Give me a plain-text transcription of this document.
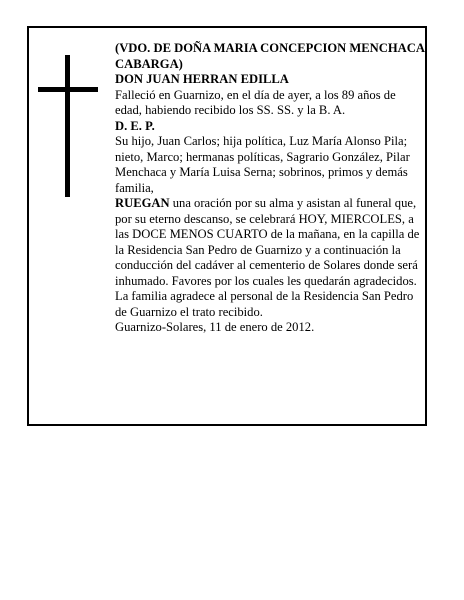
(VDO. DE DOÑA MARIA CONCEPCION MENCHACA CABARGA)

DON JUAN HERRAN EDILLA

Falleció en Guarnizo, en el día de ayer, a los 89 años de edad, habiendo recibido los SS. SS. y la B. A.

D. E. P.

Su hijo, Juan Carlos; hija política, Luz María Alonso Pila; nieto, Marco; hermanas políticas, Sagrario González, Pilar Menchaca y María Luisa Serna; sobrinos, primos y demás familia,

RUEGAN una oración por su alma y asistan al funeral que, por su eterno descanso, se celebrará HOY, MIERCOLES, a las DOCE MENOS CUARTO de la mañana, en la capilla de la Residencia San Pedro de Guarnizo y a continuación la conducción del cadáver al cementerio de Solares donde será inhumado. Favores por los cuales les quedarán agradecidos. La familia agradece al personal de la Residencia San Pedro de Guarnizo el trato recibido.

Guarnizo-Solares, 11 de enero de 2012.
